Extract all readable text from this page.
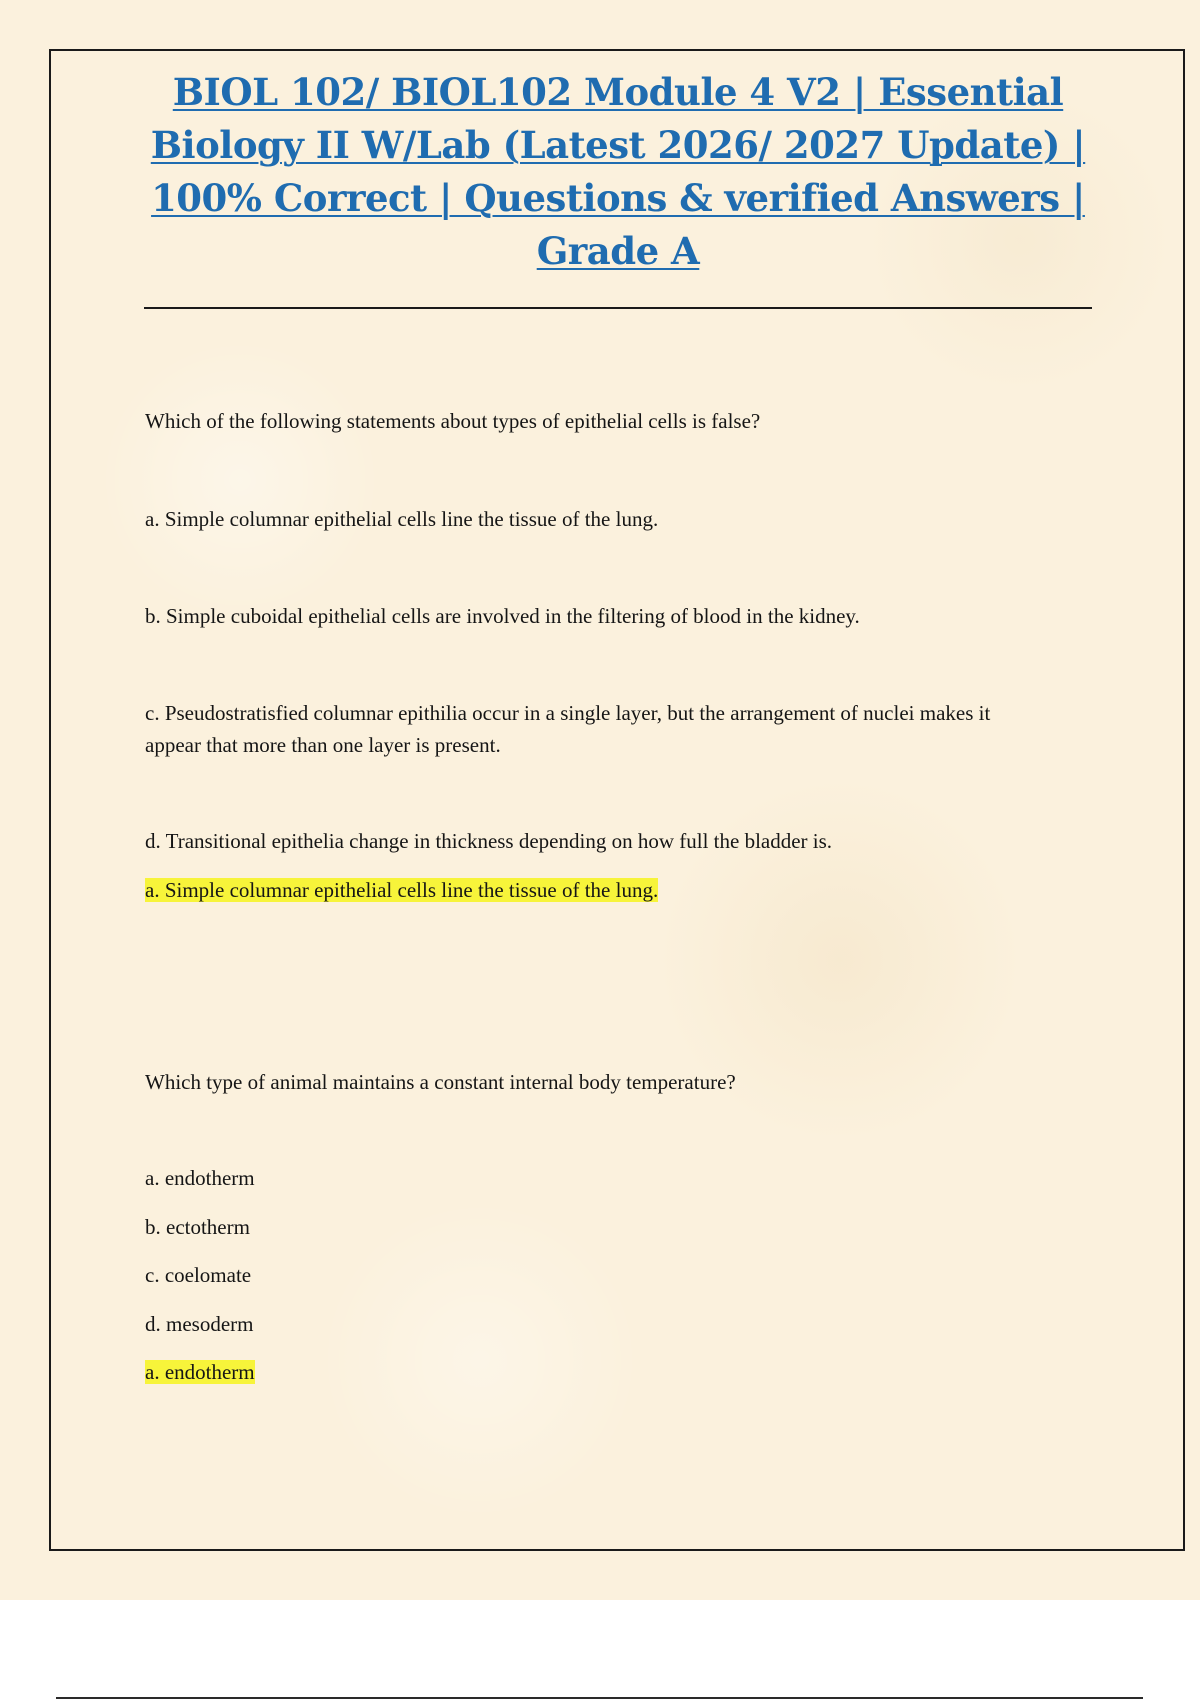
BIOL 102/ BIOL102 Module 4 V2 | Essential Biology II W/Lab (Latest 2026/ 2027 Update) | 100% Correct | Questions & verified Answers | Grade A

Which of the following statements about types of epithelial cells is false?

a. Simple columnar epithelial cells line the tissue of the lung.

b. Simple cuboidal epithelial cells are involved in the filtering of blood in the kidney.

c. Pseudostratisfied columnar epithilia occur in a single layer, but the arrangement of nuclei makes it appear that more than one layer is present.

d. Transitional epithelia change in thickness depending on how full the bladder is.

a. Simple columnar epithelial cells line the tissue of the lung.

Which type of animal maintains a constant internal body temperature?

a. endotherm

b. ectotherm

c. coelomate

d. mesoderm

a. endotherm
